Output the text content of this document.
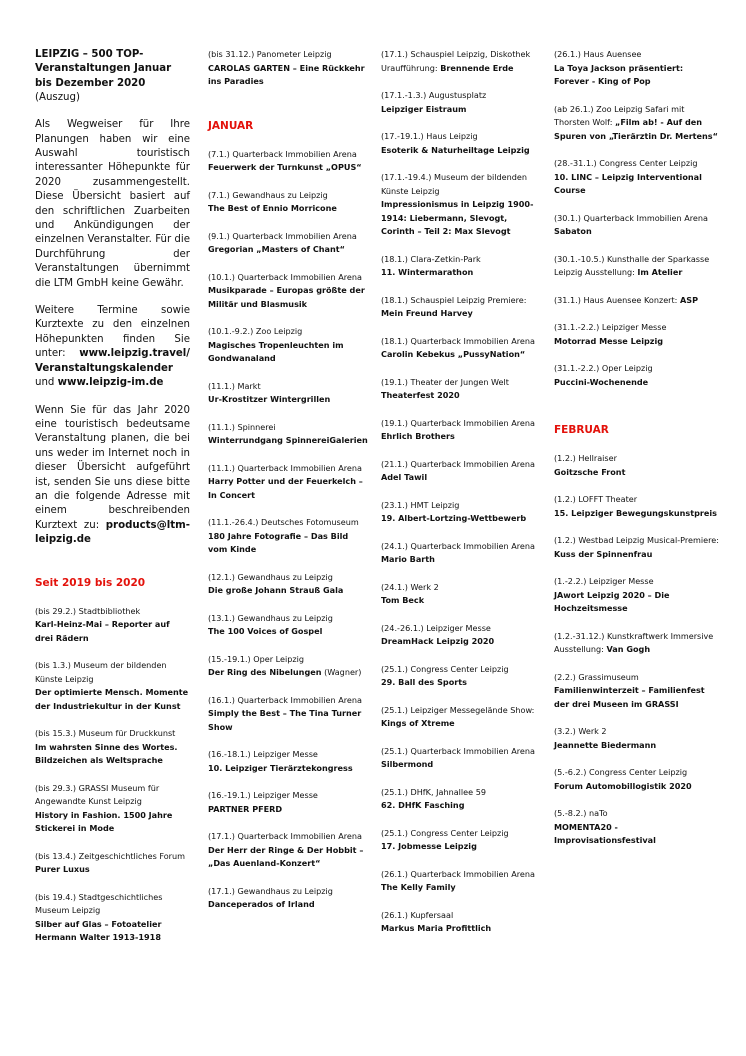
LEIPZIG – 500 TOP-Veranstaltungen Januar bis Dezember 2020 (Auszug)

Als Wegweiser für Ihre Planungen haben wir eine Auswahl touristisch interessanter Höhepunkte für 2020 zusammengestellt. Diese Übersicht basiert auf den schriftlichen Zuarbeiten und Ankündigungen der einzelnen Veranstalter. Für die Durchführung der Veranstaltungen übernimmt die LTM GmbH keine Gewähr.

Weitere Termine sowie Kurztexte zu den einzelnen Höhepunkten finden Sie unter: www.leipzig.travel/ Veranstaltungskalender und www.leipzig-im.de

Wenn Sie für das Jahr 2020 eine touristisch bedeutsame Veranstaltung planen, die bei uns weder im Internet noch in dieser Übersicht aufgeführt ist, senden Sie uns diese bitte an die folgende Adresse mit einem beschreibenden Kurztext zu: products@ltm-leipzig.de

Seit 2019 bis 2020
(bis 29.2.) Stadtbibliothek
Karl-Heinz-Mai – Reporter auf drei Rädern
(bis 1.3.) Museum der bildenden Künste Leipzig
Der optimierte Mensch. Momente der Industriekultur in der Kunst
(bis 15.3.) Museum für Druckkunst
Im wahrsten Sinne des Wortes. Bildzeichen als Weltsprache
(bis 29.3.) GRASSI Museum für Angewandte Kunst Leipzig
History in Fashion. 1500 Jahre Stickerei in Mode
(bis 13.4.) Zeitgeschichtliches Forum
Purer Luxus
(bis 19.4.) Stadtgeschichtliches Museum Leipzig
Silber auf Glas – Fotoatelier Hermann Walter 1913-1918
(bis 31.12.) Panometer Leipzig
CAROLAS GARTEN – Eine Rückkehr ins Paradies
JANUAR
(7.1.) Quarterback Immobilien Arena
Feuerwerk der Turnkunst „OPUS“
(7.1.) Gewandhaus zu Leipzig
The Best of Ennio Morricone
(9.1.) Quarterback Immobilien Arena
Gregorian „Masters of Chant“
(10.1.) Quarterback Immobilien Arena
Musikparade – Europas größte der Militär und Blasmusik
(10.1.-9.2.) Zoo Leipzig
Magisches Tropenleuchten im Gondwanaland
(11.1.) Markt
Ur-Krostitzer Wintergrillen
(11.1.) Spinnerei
Winterrundgang SpinnereiGalerien
(11.1.) Quarterback Immobilien Arena
Harry Potter und der Feuerkelch – In Concert
(11.1.-26.4.) Deutsches Fotomuseum
180 Jahre Fotografie – Das Bild vom Kinde
(12.1.) Gewandhaus zu Leipzig
Die große Johann Strauß Gala
(13.1.) Gewandhaus zu Leipzig
The 100 Voices of Gospel
(15.-19.1.) Oper Leipzig
Der Ring des Nibelungen (Wagner)
(16.1.) Quarterback Immobilien Arena
Simply the Best – The Tina Turner Show
(16.-18.1.) Leipziger Messe
10. Leipziger Tierärztekongress
(16.-19.1.) Leipziger Messe
PARTNER PFERD
(17.1.) Quarterback Immobilien Arena
Der Herr der Ringe & Der Hobbit – „Das Auenland-Konzert“
(17.1.) Gewandhaus zu Leipzig
Danceperados of Irland
(17.1.) Schauspiel Leipzig, Diskothek Uraufführung: Brennende Erde
(17.1.-1.3.) Augustusplatz
Leipziger Eistraum
(17.-19.1.) Haus Leipzig
Esoterik & Naturheiltage Leipzig
(17.1.-19.4.) Museum der bildenden Künste Leipzig
Impressionismus in Leipzig 1900-1914: Liebermann, Slevogt, Corinth – Teil 2: Max Slevogt
(18.1.) Clara-Zetkin-Park
11. Wintermarathon
(18.1.) Schauspiel Leipzig Premiere: Mein Freund Harvey
(18.1.) Quarterback Immobilien Arena
Carolin Kebekus „PussyNation“
(19.1.) Theater der Jungen Welt
Theaterfest 2020
(19.1.) Quarterback Immobilien Arena
Ehrlich Brothers
(21.1.) Quarterback Immobilien Arena
Adel Tawil
(23.1.) HMT Leipzig
19. Albert-Lortzing-Wettbewerb
(24.1.) Quarterback Immobilien Arena
Mario Barth
(24.1.) Werk 2
Tom Beck
(24.-26.1.) Leipziger Messe
DreamHack Leipzig 2020
(25.1.) Congress Center Leipzig
29. Ball des Sports
(25.1.) Leipziger Messegelände Show: Kings of Xtreme
(25.1.) Quarterback Immobilien Arena
Silbermond
(25.1.) DHfK, Jahnallee 59
62. DHfK Fasching
(25.1.) Congress Center Leipzig
17. Jobmesse Leipzig
(26.1.) Quarterback Immobilien Arena
The Kelly Family
(26.1.) Kupfersaal
Markus Maria Profittlich
(26.1.) Haus Auensee
La Toya Jackson präsentiert: Forever - King of Pop
(ab 26.1.) Zoo Leipzig Safari mit Thorsten Wolf: „Film ab! - Auf den Spuren von „Tierärztin Dr. Mertens“
(28.-31.1.) Congress Center Leipzig
10. LINC – Leipzig Interventional Course
(30.1.) Quarterback Immobilien Arena
Sabaton
(30.1.-10.5.) Kunsthalle der Sparkasse Leipzig Ausstellung: Im Atelier
(31.1.) Haus Auensee Konzert: ASP
(31.1.-2.2.) Leipziger Messe
Motorrad Messe Leipzig
(31.1.-2.2.) Oper Leipzig
Puccini-Wochenende
FEBRUAR
(1.2.) Hellraiser
Goitzsche Front
(1.2.) LOFFT Theater
15. Leipziger Bewegungskunstpreis
(1.2.) Westbad Leipzig Musical-Premiere: Kuss der Spinnenfrau
(1.-2.2.) Leipziger Messe
JAwort Leipzig 2020 – Die Hochzeitsmesse
(1.2.-31.12.) Kunstkraftwerk Immersive Ausstellung: Van Gogh
(2.2.) Grassimuseum
Familienwinterzeit – Familienfest der drei Museen im GRASSI
(3.2.) Werk 2
Jeannette Biedermann
(5.-6.2.) Congress Center Leipzig
Forum Automobillogistik 2020
(5.-8.2.) naTo
MOMENTA20 - Improvisationsfestival
